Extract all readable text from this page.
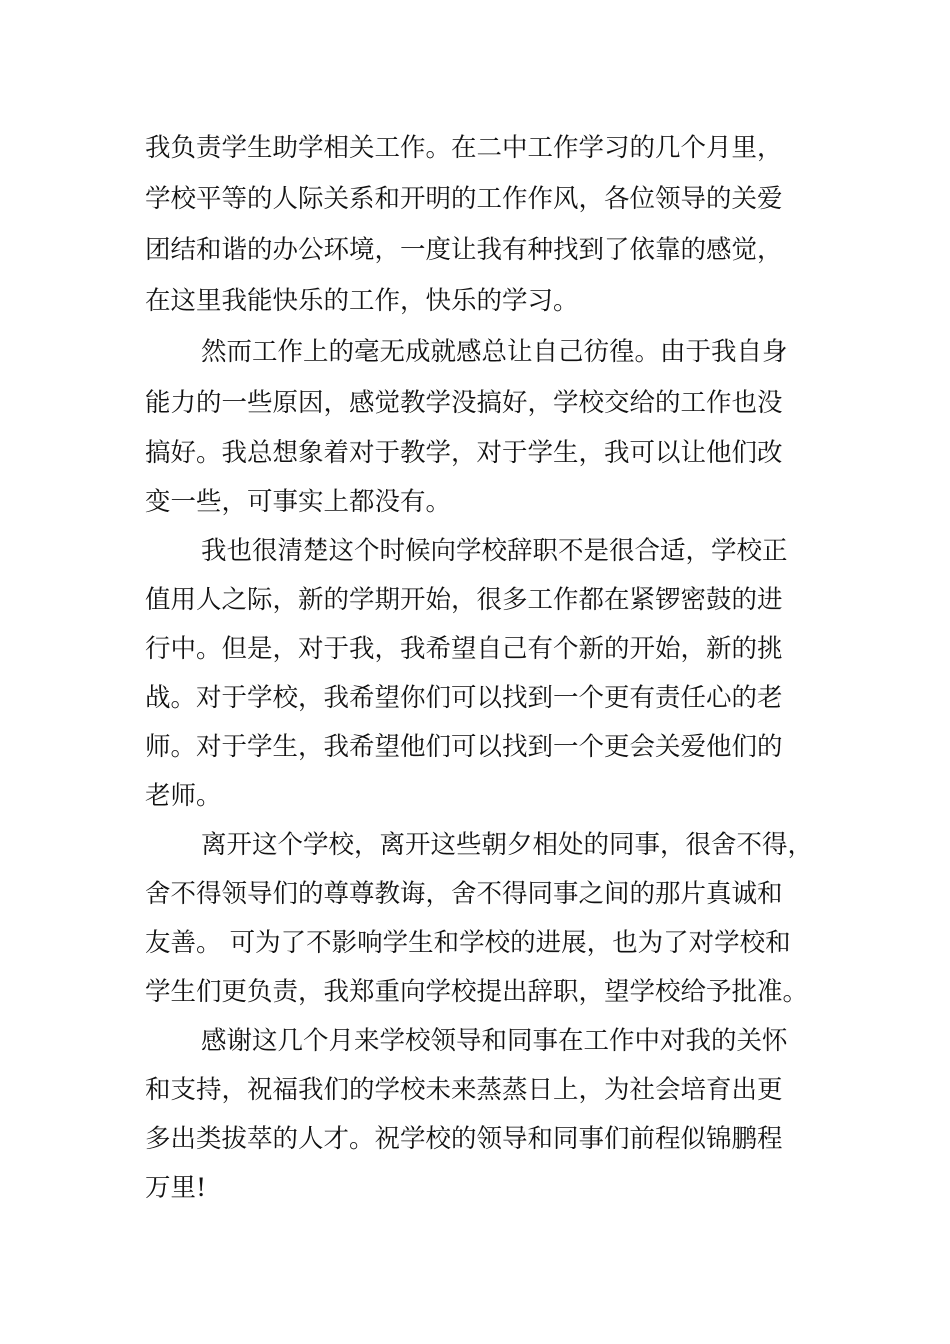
我负责学生助学相关工作。在二中工作学习的几个月里，
学校平等的人际关系和开明的工作作风，各位领导的关爱
团结和谐的办公环境，一度让我有种找到了依靠的感觉，
在这里我能快乐的工作，快乐的学习。
然而工作上的毫无成就感总让自己彷徨。由于我自身
能力的一些原因，感觉教学没搞好，学校交给的工作也没
搞好。我总想象着对于教学，对于学生，我可以让他们改
变一些，可事实上都没有。
我也很清楚这个时候向学校辞职不是很合适，学校正
值用人之际，新的学期开始，很多工作都在紧锣密鼓的进
行中。但是，对于我，我希望自己有个新的开始，新的挑
战。对于学校，我希望你们可以找到一个更有责任心的老
师。对于学生，我希望他们可以找到一个更会关爱他们的
老师。
离开这个学校，离开这些朝夕相处的同事，很舍不得，
舍不得领导们的尊尊教诲，舍不得同事之间的那片真诚和
友善。 可为了不影响学生和学校的进展，也为了对学校和
学生们更负责，我郑重向学校提出辞职，望学校给予批准。
感谢这几个月来学校领导和同事在工作中对我的关怀
和支持，祝福我们的学校未来蒸蒸日上，为社会培育出更
多出类拔萃的人才。祝学校的领导和同事们前程似锦鹏程
万里!
